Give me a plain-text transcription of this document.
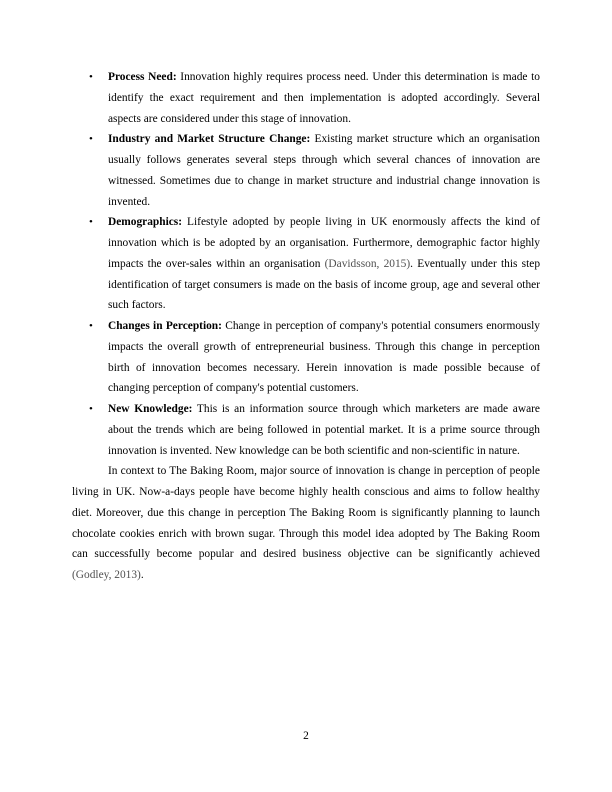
• Process Need: Innovation highly requires process need. Under this determination is made to identify the exact requirement and then implementation is adopted accordingly. Several aspects are considered under this stage of innovation.
• Industry and Market Structure Change: Existing market structure which an organisation usually follows generates several steps through which several chances of innovation are witnessed. Sometimes due to change in market structure and industrial change innovation is invented.
• Demographics: Lifestyle adopted by people living in UK enormously affects the kind of innovation which is be adopted by an organisation. Furthermore, demographic factor highly impacts the over-sales within an organisation (Davidsson, 2015). Eventually under this step identification of target consumers is made on the basis of income group, age and several other such factors.
• Changes in Perception: Change in perception of company's potential consumers enormously impacts the overall growth of entrepreneurial business. Through this change in perception birth of innovation becomes necessary. Herein innovation is made possible because of changing perception of company's potential customers.
• New Knowledge: This is an information source through which marketers are made aware about the trends which are being followed in potential market. It is a prime source through innovation is invented. New knowledge can be both scientific and non-scientific in nature.

In context to The Baking Room, major source of innovation is change in perception of people living in UK. Now-a-days people have become highly health conscious and aims to follow healthy diet. Moreover, due this change in perception The Baking Room is significantly planning to launch chocolate cookies enrich with brown sugar. Through this model idea adopted by The Baking Room can successfully become popular and desired business objective can be significantly achieved (Godley, 2013).

2
